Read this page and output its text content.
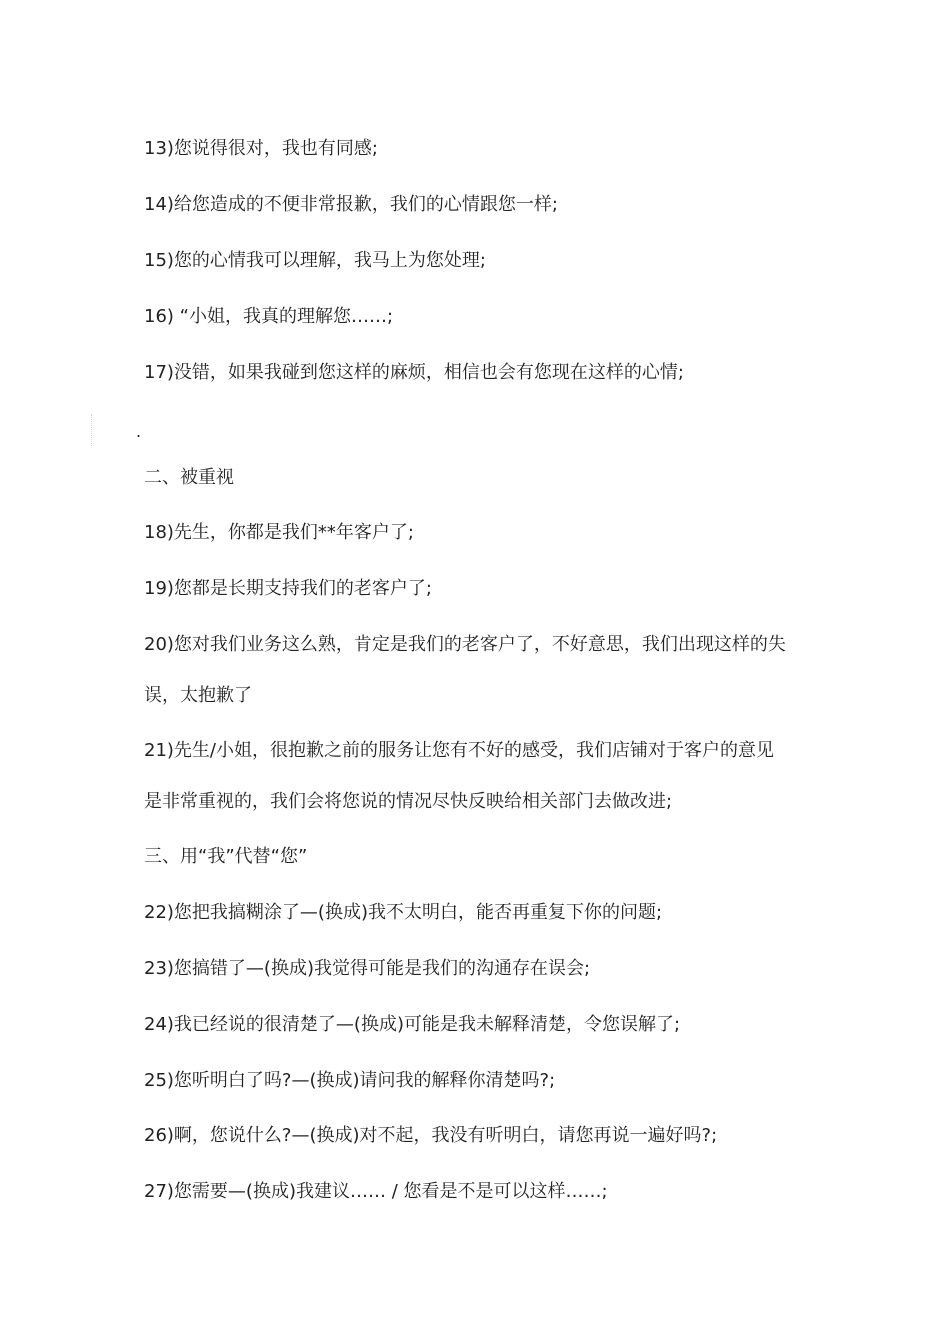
13)您说得很对，我也有同感;
14)给您造成的不便非常报歉，我们的心情跟您一样;
15)您的心情我可以理解，我马上为您处理;
16) “小姐，我真的理解您……;
17)没错，如果我碰到您这样的麻烦，相信也会有您现在这样的心情;
.
二、被重视
18)先生，你都是我们**年客户了;
19)您都是长期支持我们的老客户了;
20)您对我们业务这么熟，肯定是我们的老客户了，不好意思，我们出现这样的失
误，太抱歉了
21)先生/小姐，很抱歉之前的服务让您有不好的感受，我们店铺对于客户的意见
是非常重视的，我们会将您说的情况尽快反映给相关部门去做改进;
三、用“我”代替“您”
22)您把我搞糊涂了—(换成)我不太明白，能否再重复下你的问题;
23)您搞错了—(换成)我觉得可能是我们的沟通存在误会;
24)我已经说的很清楚了—(换成)可能是我未解释清楚，令您误解了;
25)您听明白了吗?—(换成)请问我的解释你清楚吗?;
26)啊，您说什么?—(换成)对不起，我没有听明白，请您再说一遍好吗?;
27)您需要—(换成)我建议…… / 您看是不是可以这样……;
